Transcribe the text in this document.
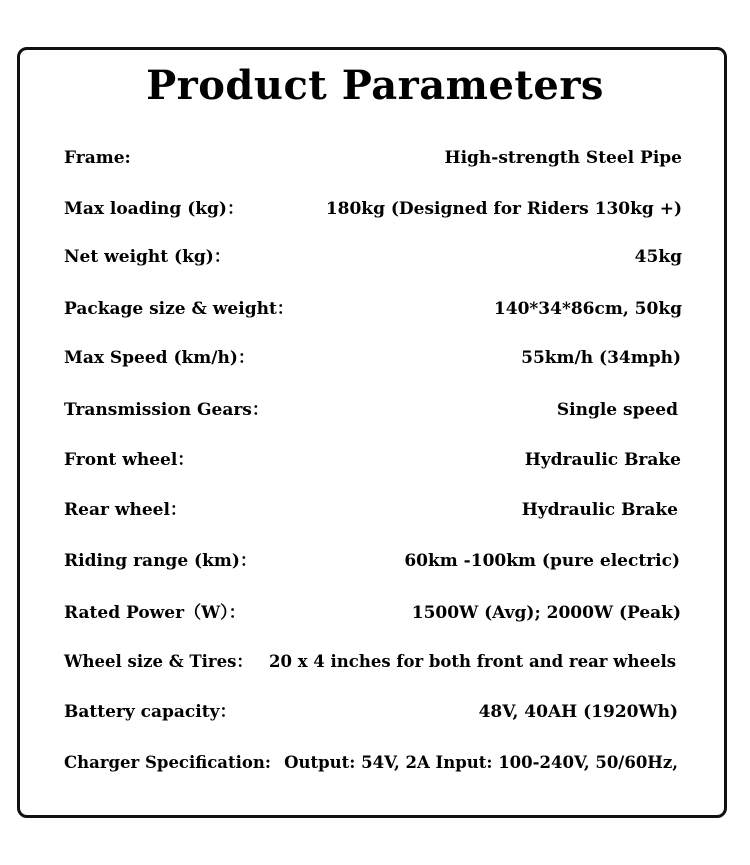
Product Parameters
Frame:	High-strength Steel Pipe
Max loading (kg)：	180kg (Designed for Riders 130kg +)
Net weight (kg)：	45kg
Package size & weight：	140*34*86cm, 50kg
Max Speed (km/h)：	55km/h (34mph)
Transmission Gears：	Single speed
Front wheel：	Hydraulic Brake
Rear wheel：	Hydraulic Brake
Riding range (km)：	60km -100km (pure electric)
Rated Power（W）：	1500W (Avg); 2000W (Peak)
Wheel size & Tires： 20 x 4 inches for both front and rear wheels
Battery capacity：	48V, 40AH (1920Wh)
Charger Specification: Output: 54V, 2A Input: 100-240V, 50/60Hz,
